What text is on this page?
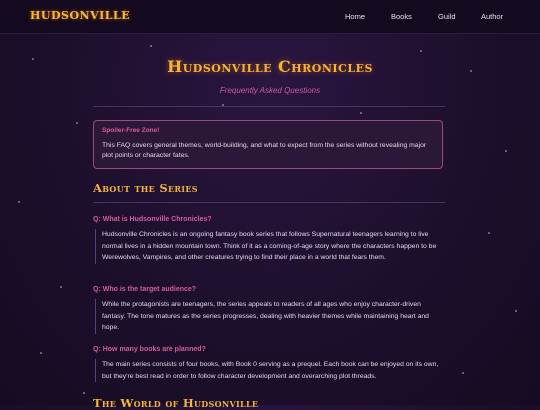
HUDSONVILLE	Home	Books	Guild	Author
Hudsonville Chronicles
Frequently Asked Questions
Spoiler-Free Zone!
This FAQ covers general themes, world-building, and what to expect from the series without revealing major plot points or character fates.
About the Series
Q: What is Hudsonville Chronicles?
Hudsonville Chronicles is an ongoing fantasy book series that follows Supernatural teenagers learning to live normal lives in a hidden mountain town. Think of it as a coming-of-age story where the characters happen to be Werewolves, Vampires, and other creatures trying to find their place in a world that fears them.
Q: Who is the target audience?
While the protagonists are teenagers, the series appeals to readers of all ages who enjoy character-driven fantasy. The tone matures as the series progresses, dealing with heavier themes while maintaining heart and hope.
Q: How many books are planned?
The main series consists of four books, with Book 0 serving as a prequel. Each book can be enjoyed on its own, but they're best read in order to follow character development and overarching plot threads.
The World of Hudsonville
